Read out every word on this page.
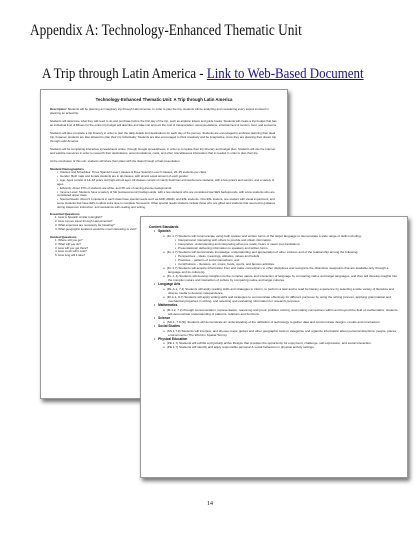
Appendix A: Technology-Enhanced Thematic Unit
A Trip through Latin America - Link to Web-Based Document
Technology-Enhanced Thematic Unit: A Trip through Latin America
Description: Students will be planning an imaginary trip through Latin America. In order to plan the trip, students will be analyzing and considering every aspect involved in planning an actual trip.
Students will determine what they will need to do and purchase before the first day of the trip, such as airplane tickets and guide books. Students will create a trip budget that has an individual limit of $5/ues for the entire trip budget will describe and take into account the cost of transportation, accommodations, entertainment & tourism, food, and souvenirs.
Students will also complete a trip itinerary in order to plan the daily details and destinations for each day of the journey. Students are encouraged to embrace planning their ideal trip; however, students are also allowed to plan their trip individually. Students are also encouraged to think creatively and be imaginative, since they are planning their dream trip through Latin America.
Students will be completing interactive spreadsheets online, through Google spreadsheets, in order to complete their trip itinerary and budget plan. Students will use the Internet and website resources in order to research their destinations, accommodations, costs, and other miscellaneous information that is needed in order to plan their trip.
At the conclusion of this unit, students will share their plans with the class through a final presentation.
Student Demographics
• Classes and Schedules: Three Spanish Level I classes & three Spanish Level II classes, 20–25 students per class
• Gender: Both male and female students are in all classes, with almost equal amount of each gender.
• Age: Ages consist of 14–18 years old (high school age). All classes consist of mainly freshman and sophomore students, with a few juniors and seniors, and a variety of ages.
• Ethnicity: About 97% of students are white, and 3% are of varying diverse backgrounds.
• Income Level: Students have a variety of SE (socioeconomic) backgrounds, with a few students who are considered low SES backgrounds, with a few students who are considered upper class.
• Special Needs: About 5 4 students in each class have special needs such as ADD, ADHD, and ESL students. One ESL student, one student with visual impairment, and some students that have IEPs to allow extra time to complete homework. Other special needs students include those who are gifted and students that need extra guidance during classroom instruction, and assistance with reading and writing.
Essential Questions
1. How is Spanish similar to English?
2. How can we travel through Latin America?
3. What expenses are necessary for traveling?
4. What geographic locations would be most interesting to visit?
Guided Questions
1. Where will you go?
2. What will you do?
3. How will you get there?
4. How much will it cost?
5. How long will it take?
Content Standards
• Spanish
o (FL.1.7) Students will communicate using both spoken and written forms of the target language to demonstrate a wide range of skills including:
▪ Interpersonal: interacting with others to provide and obtain information.
▪ Interpretive: understanding and interpreting what one reads, hears or views (not translation).
▪ Presentational: delivering information to speakers and written forms.
o (FL.1.7) Students will demonstrate knowledge, understanding and appreciation of other cultures and of the relationship among the following:
▪ Perspectives – ideas, meanings, attitudes, values and beliefs
▪ Practices – patterns of social interactions; and
▪ Contributions – literature, art, music, foods, sports, and famous activities.
o (FL.1.7) Students will acquire information from and make connections to other disciplines and recognize the distinctive viewpoints that are available only through a language and its culture(s).
o (FL.1, 4) Students will develop insights into the complex nature and interaction of language by comparing native and target languages, and they will develop insights into the complex nature and interaction of culture by comparing native and target cultures.
• Language Arts
o (RL.A.1, 7.4) Students will apply reading skills and strategies to inform, to perform a task and to read for literary experience by selecting a wide variety of literature and diverse media to develop independence.
o (RI.A.1, 9.7) Students will apply writing skills and strategies to communicate effectively for different purposes by using the writing process, applying grammatical and mechanical properties in writing, and selecting and evaluating information for research purposes.
• Mathematics
o (M.1.2, 7.2) through communication, representation, reasoning and proof, problem solving, and making connections within and beyond the field of mathematics, students will demonstrate understanding of patterns, relations and functions.
• Science
o (SC.1, 7.9 (9)) Students will demonstrate an understanding of the utilization of technology to gather data and communicate designs, results and conclusions.
• Social Studies
o (SS.1.7.9) Students will interpret, and choose maps, globes and other geographic tools to categorize and organize information about personal directions, people, places, environments (The World in Spatial Terms).
• Physical Education
o (PE.1.7) Students will exhibit a physically active lifestyle that provides the opportunity for enjoyment, challenge, self-expression, and social interaction.
o (PE.1.7) Students will identify and apply responsible personal & social behaviors in physical activity settings.
14
